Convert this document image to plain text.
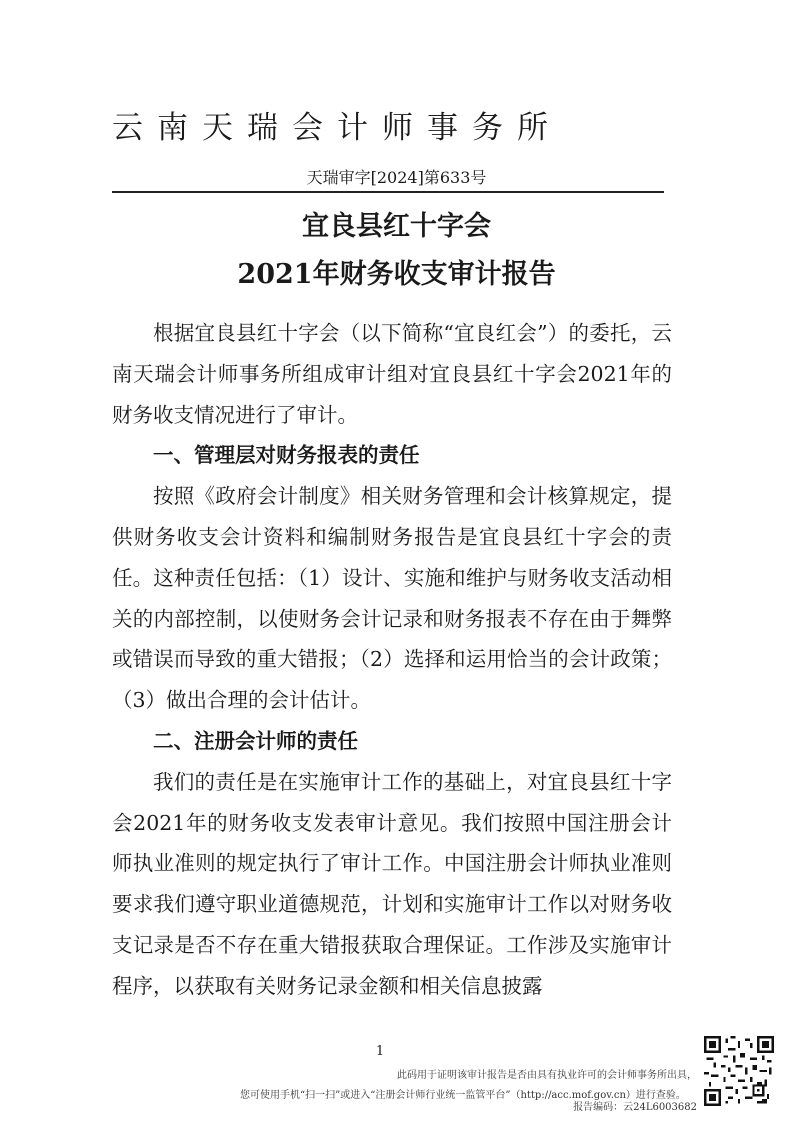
云南天瑞会计师事务所
天瑞审字[2024]第633号
宜良县红十字会
2021年财务收支审计报告

根据宜良县红十字会（以下简称“宜良红会”）的委托，云南天瑞会计师事务所组成审计组对宜良县红十字会2021年的财务收支情况进行了审计。

一、管理层对财务报表的责任

按照《政府会计制度》相关财务管理和会计核算规定，提供财务收支会计资料和编制财务报告是宜良县红十字会的责任。这种责任包括：（1）设计、实施和维护与财务收支活动相关的内部控制，以使财务会计记录和财务报表不存在由于舞弊或错误而导致的重大错报；（2）选择和运用恰当的会计政策；（3）做出合理的会计估计。

二、注册会计师的责任

我们的责任是在实施审计工作的基础上，对宜良县红十字会2021年的财务收支发表审计意见。我们按照中国注册会计师执业准则的规定执行了审计工作。中国注册会计师执业准则要求我们遵守职业道德规范，计划和实施审计工作以对财务收支记录是否不存在重大错报获取合理保证。工作涉及实施审计程序，以获取有关财务记录金额和相关信息披露

1
此码用于证明该审计报告是否由具有执业许可的会计师事务所出具，
报告编码：云24L6003682
您可使用手机“扫一扫”或进入“注册会计师行业统一监管平台”（http://acc.mof.gov.cn）进行查验。
